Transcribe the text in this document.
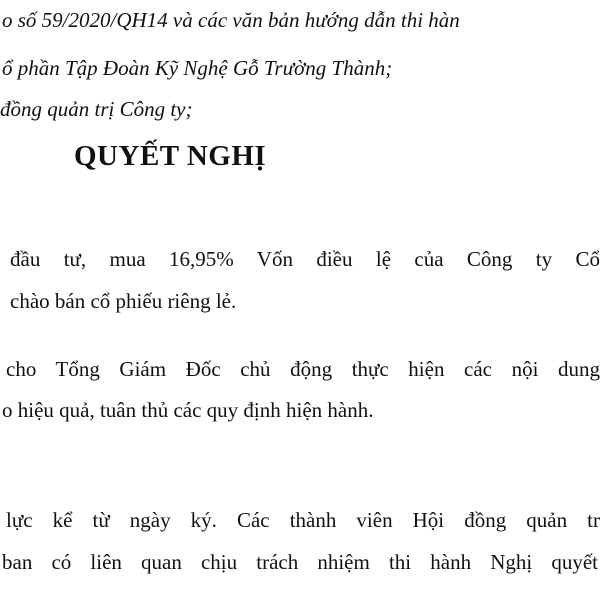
o số 59/2020/QH14 và các văn bản hướng dẫn thi hàn
ổ phần Tập Đoàn Kỹ Nghệ Gỗ Trường Thành;
đồng quản trị Công ty;
QUYẾT NGHỊ
đầu tư, mua 16,95% Vốn điều lệ của Công ty Cổ
chào bán cổ phiếu riêng lẻ.
cho Tổng Giám Đốc chủ động thực hiện các nội dung
o hiệu quả, tuân thủ các quy định hiện hành.
lực kể từ ngày ký. Các thành viên Hội đồng quản tr
ban có liên quan chịu trách nhiệm thi hành Nghị quyết
